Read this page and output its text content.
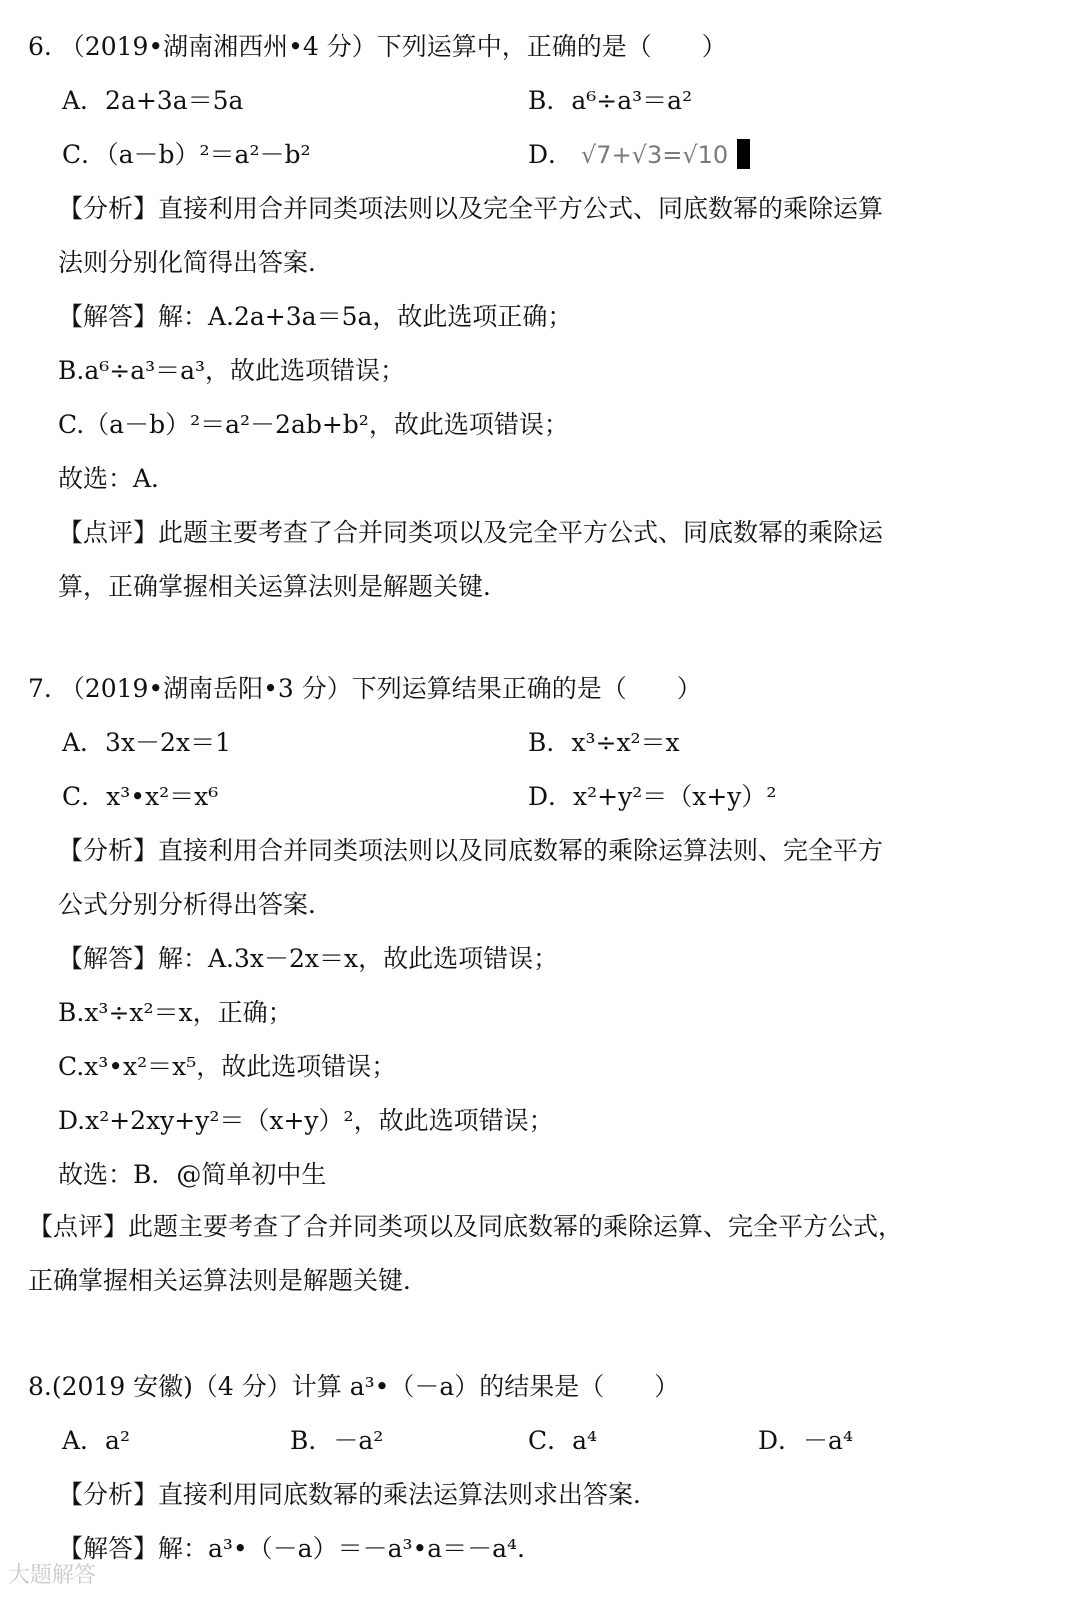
6. （2019•湖南湘西州•4 分）下列运算中，正确的是（　　）
A．2a+3a＝5a	B．a⁶÷a³＝a²
C．（a－b）²＝a²－b²	D． √7+√3=√10
【分析】直接利用合并同类项法则以及完全平方公式、同底数幂的乘除运算
法则分别化简得出答案．
【解答】解：A.2a+3a＝5a，故此选项正确；
B.a⁶÷a³＝a³，故此选项错误；
C.（a－b）²＝a²－2ab+b²，故此选项错误；
故选：A．
【点评】此题主要考查了合并同类项以及完全平方公式、同底数幂的乘除运
算，正确掌握相关运算法则是解题关键．
7. （2019•湖南岳阳•3 分）下列运算结果正确的是（　　）
A．3x－2x＝1	B．x³÷x²＝x
C．x³•x²＝x⁶	D．x²+y²＝（x+y）²
【分析】直接利用合并同类项法则以及同底数幂的乘除运算法则、完全平方
公式分别分析得出答案．
【解答】解：A.3x－2x＝x，故此选项错误；
B.x³÷x²＝x，正确；
C.x³•x²＝x⁵，故此选项错误；
D.x²+2xy+y²＝（x+y）²，故此选项错误；
故选：B．@简单初中生
【点评】此题主要考查了合并同类项以及同底数幂的乘除运算、完全平方公式，
正确掌握相关运算法则是解题关键．
8.(2019 安徽)（4 分）计算 a³•（－a）的结果是（　　）
A．a²	B．－a²	C．a⁴	D．－a⁴
【分析】直接利用同底数幂的乘法运算法则求出答案．
【解答】解：a³•（－a）＝－a³•a＝－a⁴．
大题解答
